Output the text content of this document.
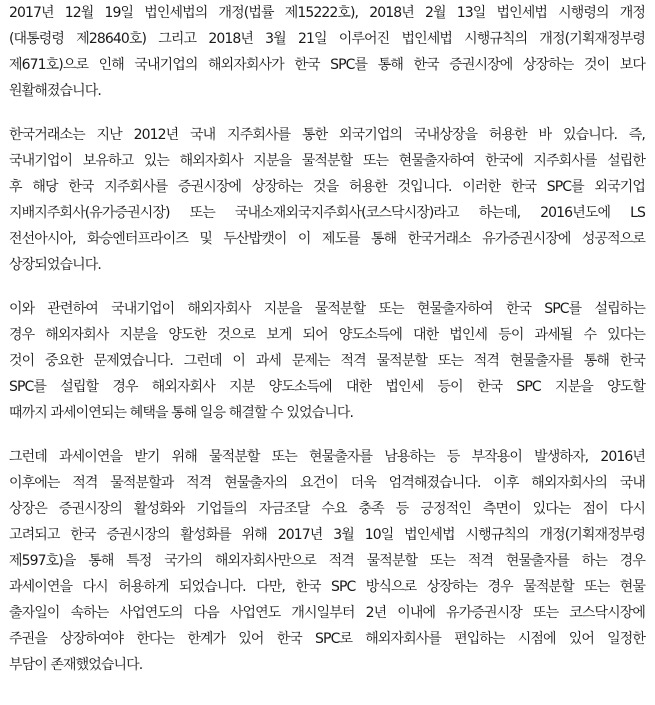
2017년 12월 19일 법인세법의 개정(법률 제15222호), 2018년 2월 13일 법인세법 시행령의 개정
(대통령령 제28640호) 그리고 2018년 3월 21일 이루어진 법인세법 시행규칙의 개정(기획재정부령
제671호)으로 인해 국내기업의 해외자회사가 한국 SPC를 통해 한국 증권시장에 상장하는 것이 보다
원활해졌습니다.
한국거래소는 지난 2012년 국내 지주회사를 통한 외국기업의 국내상장을 허용한 바 있습니다. 즉,
국내기업이 보유하고 있는 해외자회사 지분을 물적분할 또는 현물출자하여 한국에 지주회사를 설립한
후 해당 한국 지주회사를 증권시장에 상장하는 것을 허용한 것입니다. 이러한 한국 SPC를 외국기업
지배지주회사(유가증권시장) 또는 국내소재외국지주회사(코스닥시장)라고 하는데, 2016년도에 LS
전선아시아, 화승엔터프라이즈 및 두산밥캣이 이 제도를 통해 한국거래소 유가증권시장에 성공적으로
상장되었습니다.
이와 관련하여 국내기업이 해외자회사 지분을 물적분할 또는 현물출자하여 한국 SPC를 설립하는
경우 해외자회사 지분을 양도한 것으로 보게 되어 양도소득에 대한 법인세 등이 과세될 수 있다는
것이 중요한 문제였습니다. 그런데 이 과세 문제는 적격 물적분할 또는 적격 현물출자를 통해 한국
SPC를 설립할 경우 해외자회사 지분 양도소득에 대한 법인세 등이 한국 SPC 지분을 양도할
때까지 과세이연되는 혜택을 통해 일응 해결할 수 있었습니다.
그런데 과세이연을 받기 위해 물적분할 또는 현물출자를 남용하는 등 부작용이 발생하자, 2016년
이후에는 적격 물적분할과 적격 현물출자의 요건이 더욱 엄격해졌습니다. 이후 해외자회사의 국내
상장은 증권시장의 활성화와 기업들의 자금조달 수요 충족 등 긍정적인 측면이 있다는 점이 다시
고려되고 한국 증권시장의 활성화를 위해 2017년 3월 10일 법인세법 시행규칙의 개정(기획재정부령
제597호)을 통해 특정 국가의 해외자회사만으로 적격 물적분할 또는 적격 현물출자를 하는 경우
과세이연을 다시 허용하게 되었습니다. 다만, 한국 SPC 방식으로 상장하는 경우 물적분할 또는 현물
출자일이 속하는 사업연도의 다음 사업연도 개시일부터 2년 이내에 유가증권시장 또는 코스닥시장에
주권을 상장하여야 한다는 한계가 있어 한국 SPC로 해외자회사를 편입하는 시점에 있어 일정한
부담이 존재했었습니다.
